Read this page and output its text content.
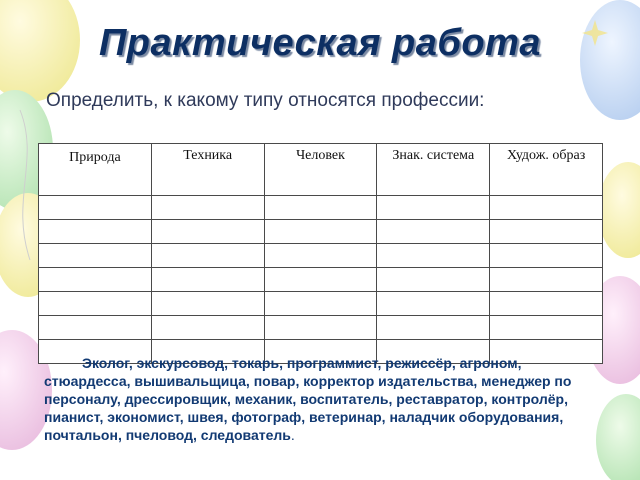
Практическая работа
Определить, к какому типу относятся профессии:
Природа	Техника	Человек	Знак. система	Худож. образ

Эколог, экскурсовод, токарь, программист, режиссёр, агроном, стюардесса, вышивальщица, повар, корректор издательства, менеджер по персоналу, дрессировщик, механик, воспитатель, реставратор, контролёр, пианист, экономист, швея, фотограф, ветеринар, наладчик оборудования, почтальон, пчеловод, следователь.
